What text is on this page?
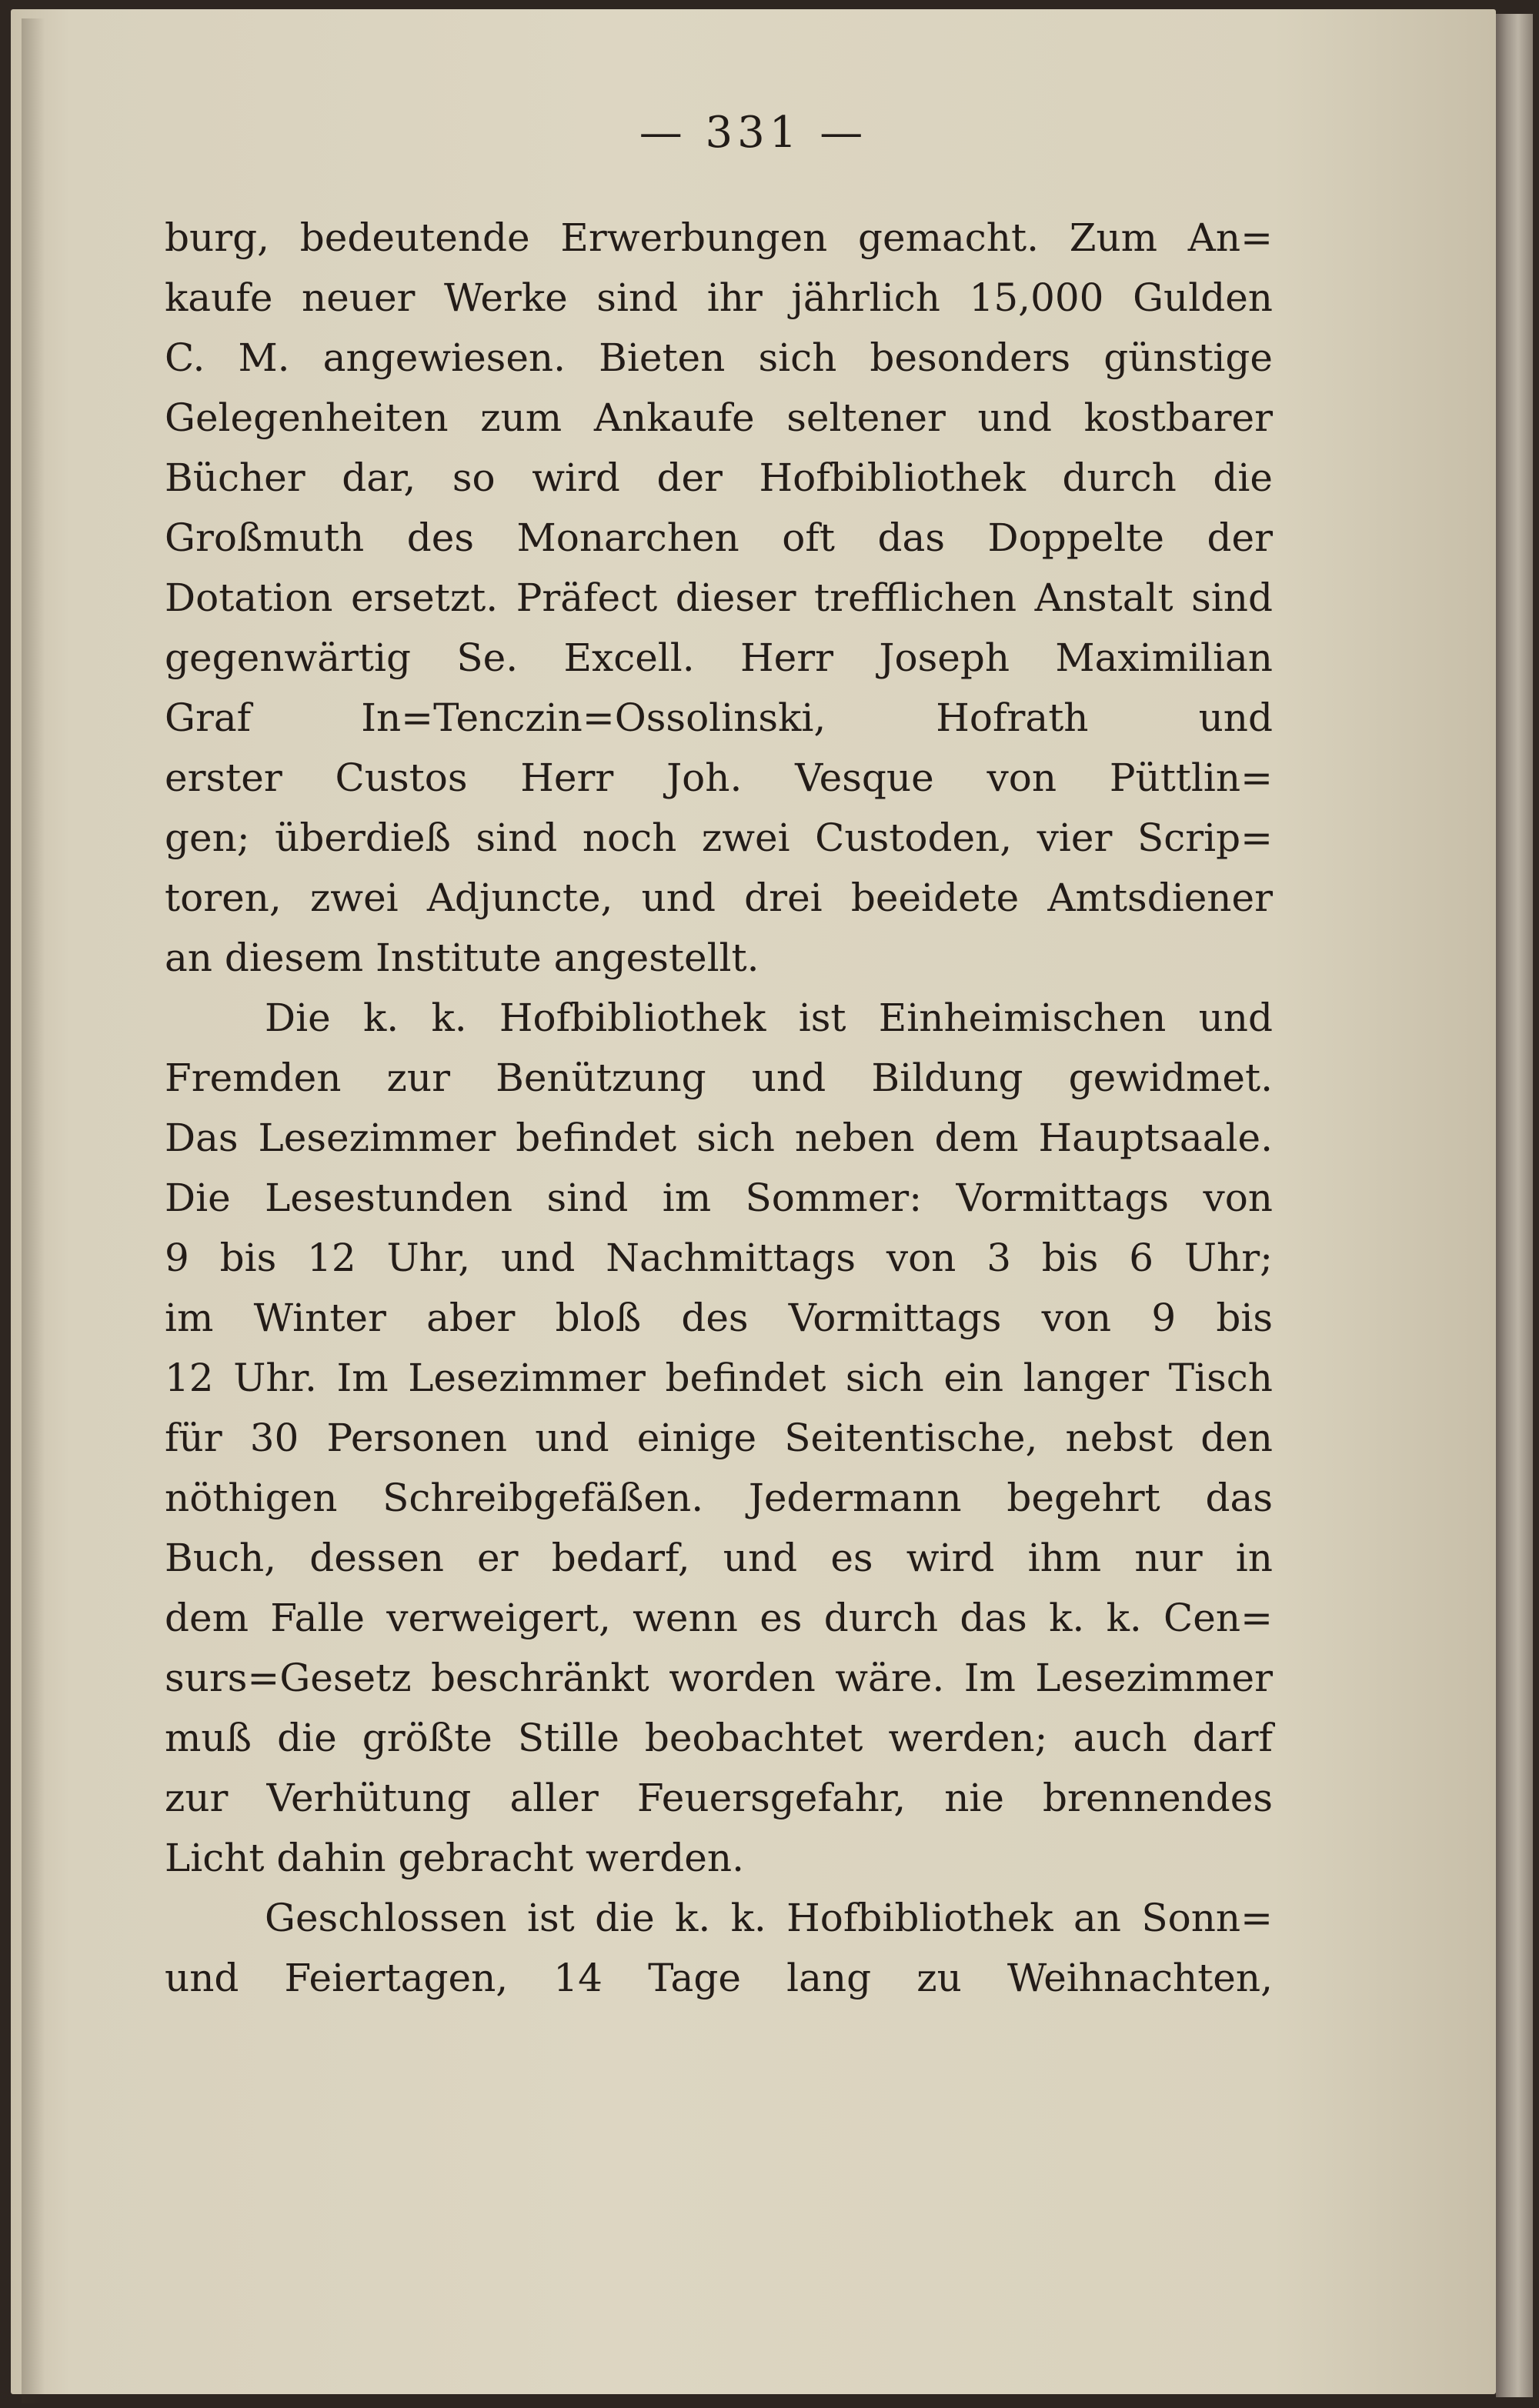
— 331 —
burg, bedeutende Erwerbungen gemacht. Zum An=
kaufe neuer Werke sind ihr jährlich 15,000 Gulden
C. M. angewiesen. Bieten sich besonders günstige
Gelegenheiten zum Ankaufe seltener und kostbarer
Bücher dar, so wird der Hofbibliothek durch die
Großmuth des Monarchen oft das Doppelte der
Dotation ersetzt. Präfect dieser trefflichen Anstalt sind
gegenwärtig Se. Excell. Herr Joseph Maximilian
Graf In=Tenczin=Ossolinski, Hofrath und
erster Custos Herr Joh. Vesque von Püttlin=
gen; überdieß sind noch zwei Custoden, vier Scrip=
toren, zwei Adjuncte, und drei beeidete Amtsdiener
an diesem Institute angestellt.
Die k. k. Hofbibliothek ist Einheimischen und
Fremden zur Benützung und Bildung gewidmet.
Das Lesezimmer befindet sich neben dem Hauptsaale.
Die Lesestunden sind im Sommer: Vormittags von
9 bis 12 Uhr, und Nachmittags von 3 bis 6 Uhr;
im Winter aber bloß des Vormittags von 9 bis
12 Uhr. Im Lesezimmer befindet sich ein langer Tisch
für 30 Personen und einige Seitentische, nebst den
nöthigen Schreibgefäßen. Jedermann begehrt das
Buch, dessen er bedarf, und es wird ihm nur in
dem Falle verweigert, wenn es durch das k. k. Cen=
surs=Gesetz beschränkt worden wäre. Im Lesezimmer
muß die größte Stille beobachtet werden; auch darf
zur Verhütung aller Feuersgefahr, nie brennendes
Licht dahin gebracht werden.
Geschlossen ist die k. k. Hofbibliothek an Sonn=
und Feiertagen, 14 Tage lang zu Weihnachten,
